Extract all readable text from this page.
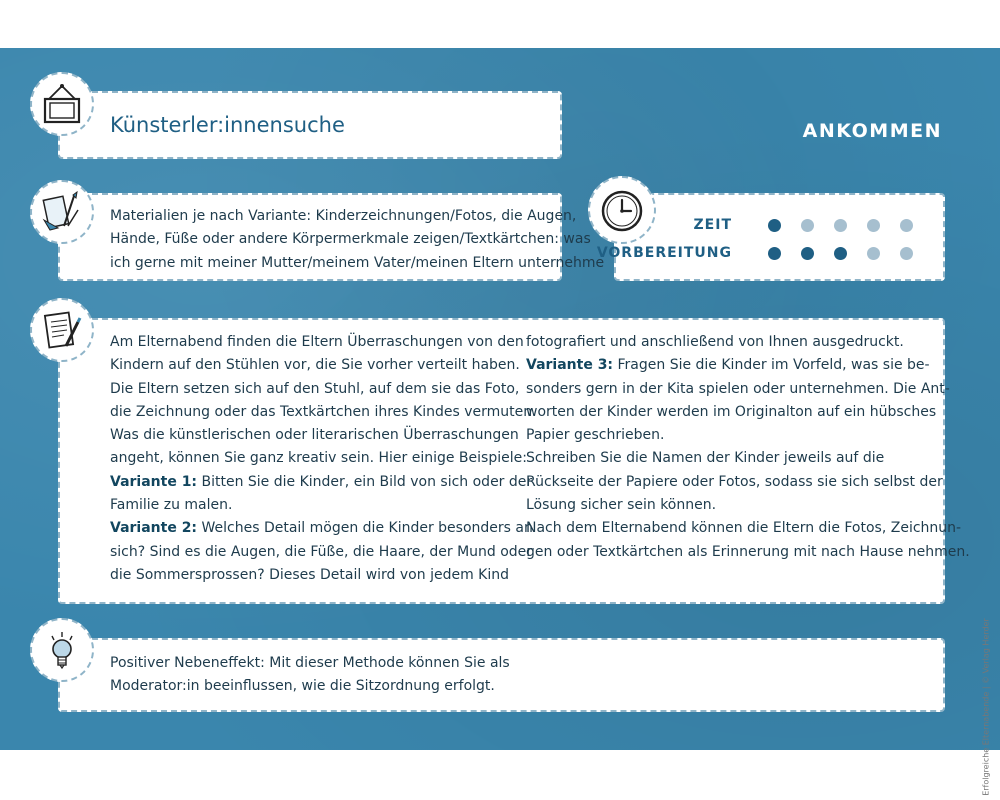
Künsterler:innensuche	ANKOMMEN

Materialien je nach Variante: Kinderzeichnungen/Fotos, die Augen,

Hände, Füße oder andere Körpermerkmale zeigen/Textkärtchen: was

ich gerne mit meiner Mutter/meinem Vater/meinen Eltern unternehme

ZEIT
VORBEREITUNG

Am Elternabend finden die Eltern Überraschungen von den

Kindern auf den Stühlen vor, die Sie vorher verteilt haben.

Die Eltern setzen sich auf den Stuhl, auf dem sie das Foto,

die Zeichnung oder das Textkärtchen ihres Kindes vermuten.

Was die künstlerischen oder literarischen Überraschungen

angeht, können Sie ganz kreativ sein. Hier einige Beispiele:

Variante 1: Bitten Sie die Kinder, ein Bild von sich oder der

Familie zu malen.

Variante 2: Welches Detail mögen die Kinder besonders an

sich? Sind es die Augen, die Füße, die Haare, der Mund oder

die Sommersprossen? Dieses Detail wird von jedem Kind

fotografiert und anschließend von Ihnen ausgedruckt.

Variante 3: Fragen Sie die Kinder im Vorfeld, was sie be-

sonders gern in der Kita spielen oder unternehmen. Die Ant-

worten der Kinder werden im Originalton auf ein hübsches

Papier geschrieben.

Schreiben Sie die Namen der Kinder jeweils auf die

Rückseite der Papiere oder Fotos, sodass sie sich selbst der

Lösung sicher sein können.

Nach dem Elternabend können die Eltern die Fotos, Zeichnun-

gen oder Textkärtchen als Erinnerung mit nach Hause nehmen.

Positiver Nebeneffekt: Mit dieser Methode können Sie als

Moderator:in beeinflussen, wie die Sitzordnung erfolgt.	Erfolgreiche Elternabende | © Verlag Herder
